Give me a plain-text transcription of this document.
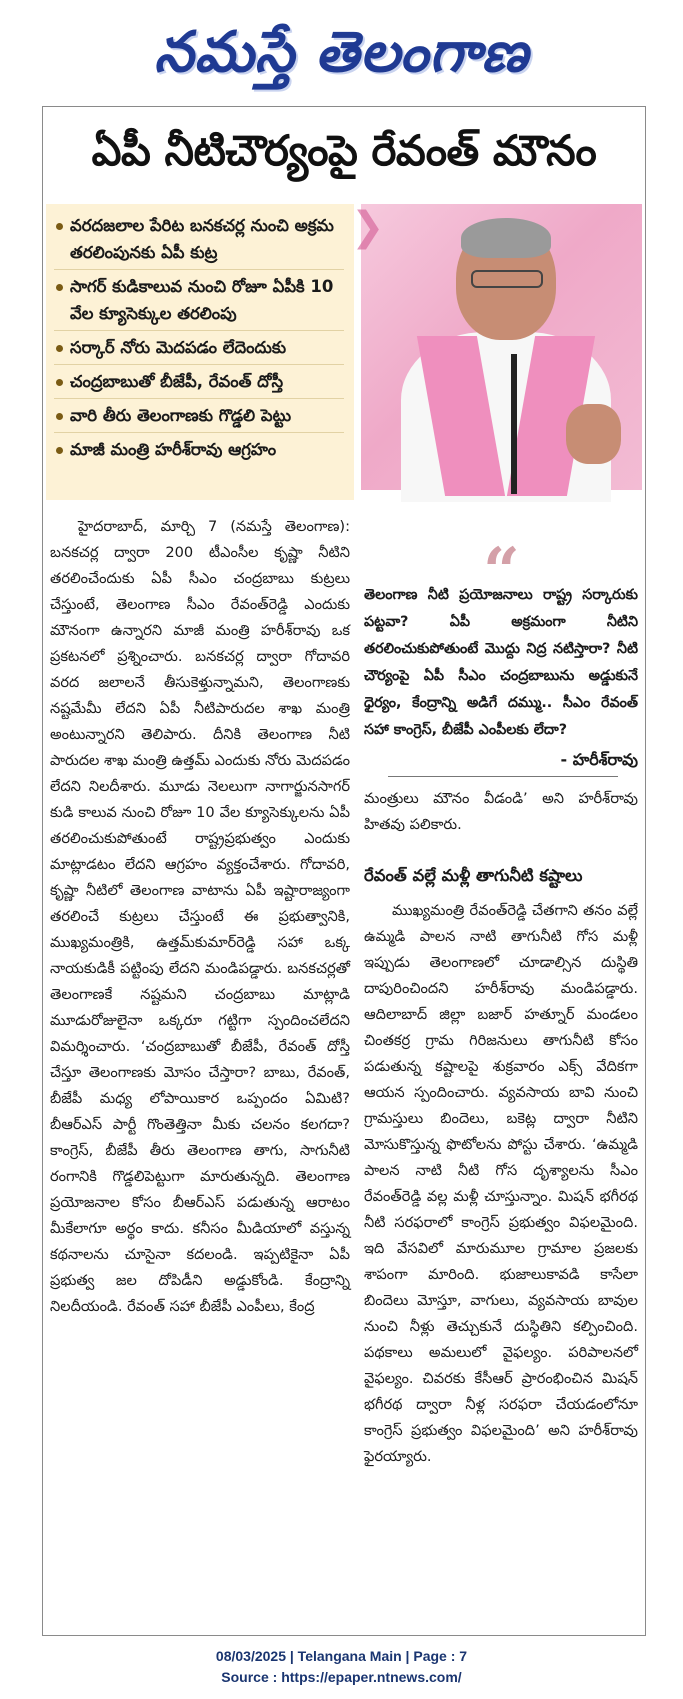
నమస్తే తెలంగాణ
ఏపీ నీటిచౌర్యంపై రేవంత్ మౌనం
వరదజలాల పేరిట బనకచర్ల నుంచి అక్రమ తరలింపునకు ఏపీ కుట్ర
సాగర్ కుడికాలువ నుంచి రోజూ ఏపీకి 10 వేల క్యూసెక్కుల తరలింపు
సర్కార్ నోరు మెదపడం లేదెందుకు
చంద్రబాబుతో బీజేపీ, రేవంత్ దోస్తీ
వారి తీరు తెలంగాణకు గొడ్డలి పెట్టు
మాజీ మంత్రి హరీశ్‌రావు ఆగ్రహం
❯

హైదరాబాద్, మార్చి 7 (నమస్తే తెలంగాణ): బనకచర్ల ద్వారా 200 టీఎంసీల కృష్ణా నీటిని తరలించేందుకు ఏపీ సీఎం చంద్రబాబు కుట్రలు చేస్తుంటే, తెలంగాణ సీఎం రేవంత్‌రెడ్డి ఎందుకు మౌనంగా ఉన్నారని మాజీ మంత్రి హరీశ్‌రావు ఒక ప్రకటనలో ప్రశ్నించారు. బనకచర్ల ద్వారా గోదావరి వరద జలాలనే తీసుకెళ్తున్నామని, తెలంగాణకు నష్టమేమీ లేదని ఏపీ నీటిపారుదల శాఖ మంత్రి అంటున్నారని తెలిపారు. దీనికి తెలంగాణ నీటి పారుదల శాఖ మంత్రి ఉత్తమ్ ఎందుకు నోరు మెదపడం లేదని నిలదీశారు. మూడు నెలలుగా నాగార్జునసాగర్ కుడి కాలువ నుంచి రోజూ 10 వేల క్యూసెక్కులను ఏపీ తరలించుకుపోతుంటే రాష్ట్రప్రభుత్వం ఎందుకు మాట్లాడటం లేదని ఆగ్రహం వ్యక్తంచేశారు. గోదావరి, కృష్ణా నీటిలో తెలంగాణ వాటాను ఏపీ ఇష్టారాజ్యంగా తరలించే కుట్రలు చేస్తుంటే ఈ ప్రభుత్వానికి, ముఖ్యమంత్రికి, ఉత్తమ్‌కుమార్‌రెడ్డి సహా ఒక్క నాయకుడికీ పట్టింపు లేదని మండిపడ్డారు. బనకచర్లతో తెలంగాణకే నష్టమని చంద్రబాబు మాట్లాడి మూడురోజులైనా ఒక్కరూ గట్టిగా స్పందించలేదని విమర్శించారు. ‘చంద్రబాబుతో బీజేపీ, రేవంత్ దోస్తీ చేస్తూ తెలంగాణకు మోసం చేస్తారా? బాబు, రేవంత్, బీజేపీ మధ్య లోపాయికార ఒప్పందం ఏమిటి? బీఆర్‌ఎస్ పార్టీ గొంతెత్తినా మీకు చలనం కలగదా? కాంగ్రెస్, బీజేపీ తీరు తెలంగాణ తాగు, సాగునీటి రంగానికి గొడ్డలిపెట్టుగా మారుతున్నది. తెలంగాణ ప్రయోజనాల కోసం బీఆర్‌ఎస్ పడుతున్న ఆరాటం మీకేలాగూ అర్థం కాదు. కనీసం మీడియాలో వస్తున్న కథనాలను చూసైనా కదలండి. ఇప్పటికైనా ఏపీ ప్రభుత్వ జల దోపిడీని అడ్డుకోండి. కేంద్రాన్ని నిలదీయండి. రేవంత్ సహా బీజేపీ ఎంపీలు, కేంద్ర

“
తెలంగాణ నీటి ప్రయోజనాలు రాష్ట్ర సర్కారుకు పట్టవా? ఏపీ అక్రమంగా నీటిని తరలించుకుపోతుంటే మొద్దు నిద్ర నటిస్తారా? నీటి చౌర్యంపై ఏపీ సీఎం చంద్రబాబును అడ్డుకునే ధైర్యం, కేంద్రాన్ని అడిగే దమ్ము.. సీఎం రేవంత్ సహా కాంగ్రెస్, బీజేపీ ఎంపీలకు లేదా?
- హరీశ్‌రావు
మంత్రులు మౌనం వీడండి’ అని హరీశ్‌రావు హితవు పలికారు.
రేవంత్ వల్లే మళ్లీ తాగునీటి కష్టాలు

ముఖ్యమంత్రి రేవంత్‌రెడ్డి చేతగాని తనం వల్లే ఉమ్మడి పాలన నాటి తాగునీటి గోస మళ్లీ ఇప్పుడు తెలంగాణలో చూడాల్సిన దుస్థితి దాపురించిందని హరీశ్‌రావు మండిపడ్డారు. ఆదిలాబాద్ జిల్లా బజార్ హత్నూర్ మండలం చింతకర్ర గ్రామ గిరిజనులు తాగునీటి కోసం పడుతున్న కష్టాలపై శుక్రవారం ఎక్స్ వేదికగా ఆయన స్పందించారు. వ్యవసాయ బావి నుంచి గ్రామస్తులు బిందెలు, బకెట్ల ద్వారా నీటిని మోసుకొస్తున్న ఫొటోలను పోస్టు చేశారు. ‘ఉమ్మడి పాలన నాటి నీటి గోస దృశ్యాలను సీఎం రేవంత్‌రెడ్డి వల్ల మళ్లీ చూస్తున్నాం. మిషన్ భగీరథ నీటి సరఫరాలో కాంగ్రెస్ ప్రభుత్వం విఫలమైంది. ఇది వేసవిలో మారుమూల గ్రామాల ప్రజలకు శాపంగా మారింది. భుజాలుకావడి కాసేలా బిందెలు మోస్తూ, వాగులు, వ్యవసాయ బావుల నుంచి నీళ్లు తెచ్చుకునే దుస్థితిని కల్పించింది. పథకాలు అమలులో వైఫల్యం. పరిపాలనలో వైఫల్యం. చివరకు కేసీఆర్ ప్రారంభించిన మిషన్ భగీరథ ద్వారా నీళ్ల సరఫరా చేయడంలోనూ కాంగ్రెస్ ప్రభుత్వం విఫలమైంది’ అని హరీశ్‌రావు ఫైరయ్యారు.

08/03/2025 | Telangana Main | Page : 7
Source : https://epaper.ntnews.com/
